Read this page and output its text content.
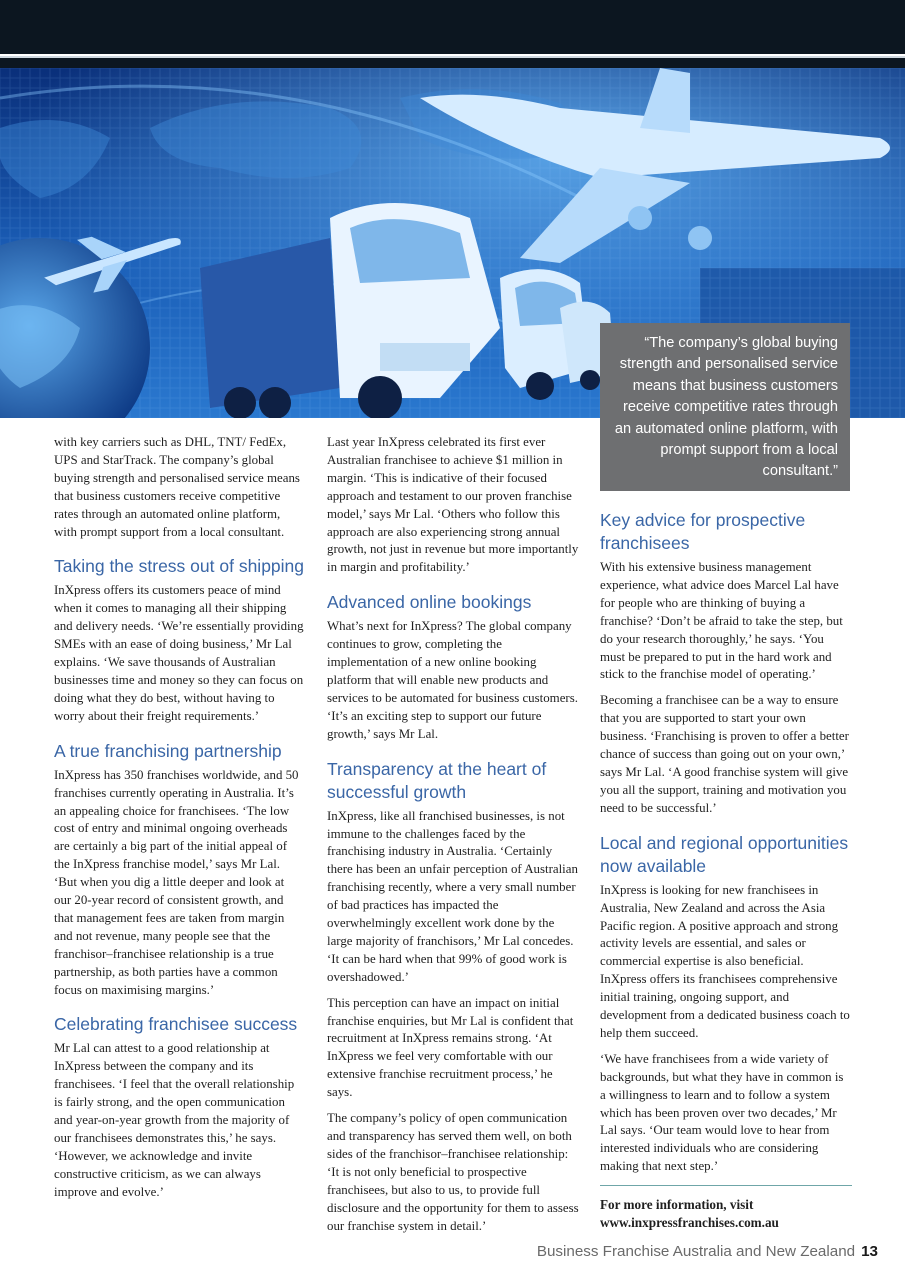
“The company’s global buying strength and personalised service means that business customers receive competitive rates through an automated online platform, with prompt support from a local consultant.”

with key carriers such as DHL, TNT/ FedEx, UPS and StarTrack. The company’s global buying strength and personalised service means that business customers receive competitive rates through an automated online platform, with prompt support from a local consultant.

Taking the stress out of shipping

InXpress offers its customers peace of mind when it comes to managing all their shipping and delivery needs. ‘We’re essentially providing SMEs with an ease of doing business,’ Mr Lal explains. ‘We save thousands of Australian businesses time and money so they can focus on doing what they do best, without having to worry about their freight requirements.’

A true franchising partnership

InXpress has 350 franchises worldwide, and 50 franchises currently operating in Australia. It’s an appealing choice for franchisees. ‘The low cost of entry and minimal ongoing overheads are certainly a big part of the initial appeal of the InXpress franchise model,’ says Mr Lal. ‘But when you dig a little deeper and look at our 20-year record of consistent growth, and that management fees are taken from margin and not revenue, many people see that the franchisor–franchisee relationship is a true partnership, as both parties have a common focus on maximising margins.’

Celebrating franchisee success

Mr Lal can attest to a good relationship at InXpress between the company and its franchisees. ‘I feel that the overall relationship is fairly strong, and the open communication and year-on-year growth from the majority of our franchisees demonstrates this,’ he says. ‘However, we acknowledge and invite constructive criticism, as we can always improve and evolve.’

Last year InXpress celebrated its first ever Australian franchisee to achieve $1 million in margin. ‘This is indicative of their focused approach and testament to our proven franchise model,’ says Mr Lal. ‘Others who follow this approach are also experiencing strong annual growth, not just in revenue but more importantly in margin and profitability.’

Advanced online bookings

What’s next for InXpress? The global company continues to grow, completing the implementation of a new online booking platform that will enable new products and services to be automated for business customers. ‘It’s an exciting step to support our future growth,’ says Mr Lal.

Transparency at the heart of successful growth

InXpress, like all franchised businesses, is not immune to the challenges faced by the franchising industry in Australia. ‘Certainly there has been an unfair perception of Australian franchising recently, where a very small number of bad practices has impacted the overwhelmingly excellent work done by the large majority of franchisors,’ Mr Lal concedes. ‘It can be hard when that 99% of good work is overshadowed.’

This perception can have an impact on initial franchise enquiries, but Mr Lal is confident that recruitment at InXpress remains strong. ‘At InXpress we feel very comfortable with our extensive franchise recruitment process,’ he says.

The company’s policy of open communication and transparency has served them well, on both sides of the franchisor–franchisee relationship: ‘It is not only beneficial to prospective franchisees, but also to us, to provide full disclosure and the opportunity for them to assess our franchise system in detail.’

Key advice for prospective franchisees

With his extensive business management experience, what advice does Marcel Lal have for people who are thinking of buying a franchise? ‘Don’t be afraid to take the step, but do your research thoroughly,’ he says. ‘You must be prepared to put in the hard work and stick to the franchise model of operating.’

Becoming a franchisee can be a way to ensure that you are supported to start your own business. ‘Franchising is proven to offer a better chance of success than going out on your own,’ says Mr Lal. ‘A good franchise system will give you all the support, training and motivation you need to be successful.’

Local and regional opportunities now available

InXpress is looking for new franchisees in Australia, New Zealand and across the Asia Pacific region. A positive approach and strong activity levels are essential, and sales or commercial expertise is also beneficial. InXpress offers its franchisees comprehensive initial training, ongoing support, and development from a dedicated business coach to help them succeed.

‘We have franchisees from a wide variety of backgrounds, but what they have in common is a willingness to learn and to follow a system which has been proven over two decades,’ Mr Lal says. ‘Our team would love to hear from interested individuals who are considering making that next step.’

For more information, visit
www.inxpressfranchises.com.au
Business Franchise Australia and New Zealand 13
